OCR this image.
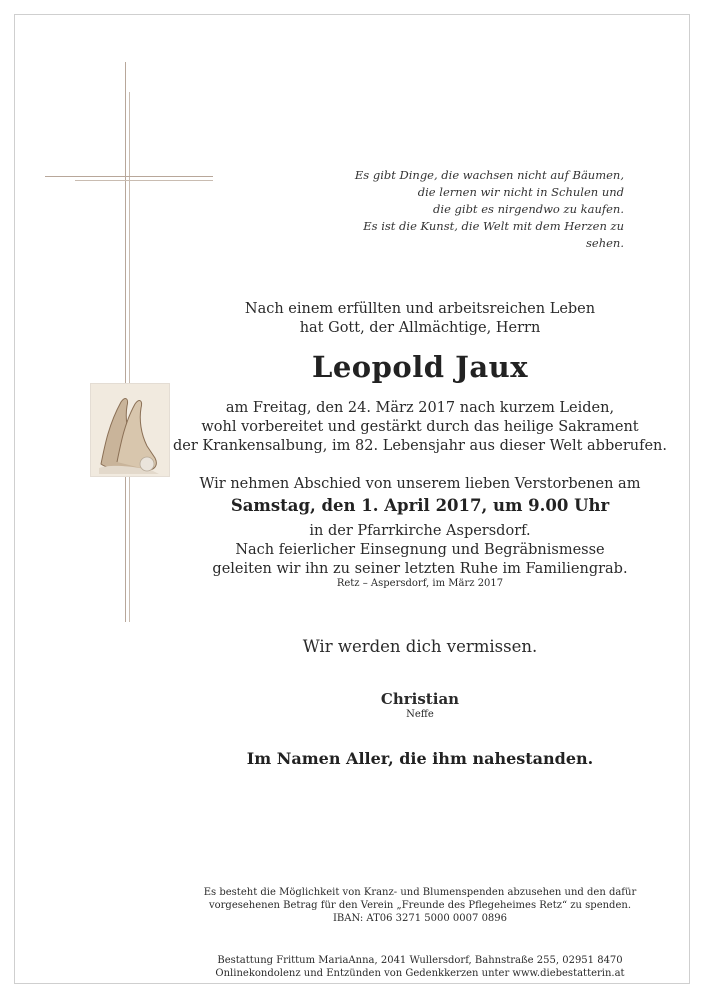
Es gibt Dinge, die wachsen nicht auf Bäumen,
die lernen wir nicht in Schulen und
die gibt es nirgendwo zu kaufen.
Es ist die Kunst, die Welt mit dem Herzen zu sehen.
Nach einem erfüllten und arbeitsreichen Leben
hat Gott, der Allmächtige, Herrn
Leopold Jaux
am Freitag, den 24. März 2017 nach kurzem Leiden,
wohl vorbereitet und gestärkt durch das heilige Sakrament
der Krankensalbung, im 82. Lebensjahr aus dieser Welt abberufen.
Wir nehmen Abschied von unserem lieben Verstorbenen am
Samstag, den 1. April 2017, um 9.00 Uhr
in der Pfarrkirche Aspersdorf.
Nach feierlicher Einsegnung und Begräbnismesse
geleiten wir ihn zu seiner letzten Ruhe im Familiengrab.
Retz – Aspersdorf, im März 2017
Wir werden dich vermissen.
Christian
Neffe
Im Namen Aller, die ihm nahestanden.
Es besteht die Möglichkeit von Kranz- und Blumenspenden abzusehen und den dafür
vorgesehenen Betrag für den Verein „Freunde des Pflegeheimes Retz“ zu spenden.
IBAN: AT06 3271 5000 0007 0896
Bestattung Frittum MariaAnna, 2041 Wullersdorf, Bahnstraße 255, 02951 8470
Onlinekondolenz und Entzünden von Gedenkkerzen unter www.diebestatterin.at
